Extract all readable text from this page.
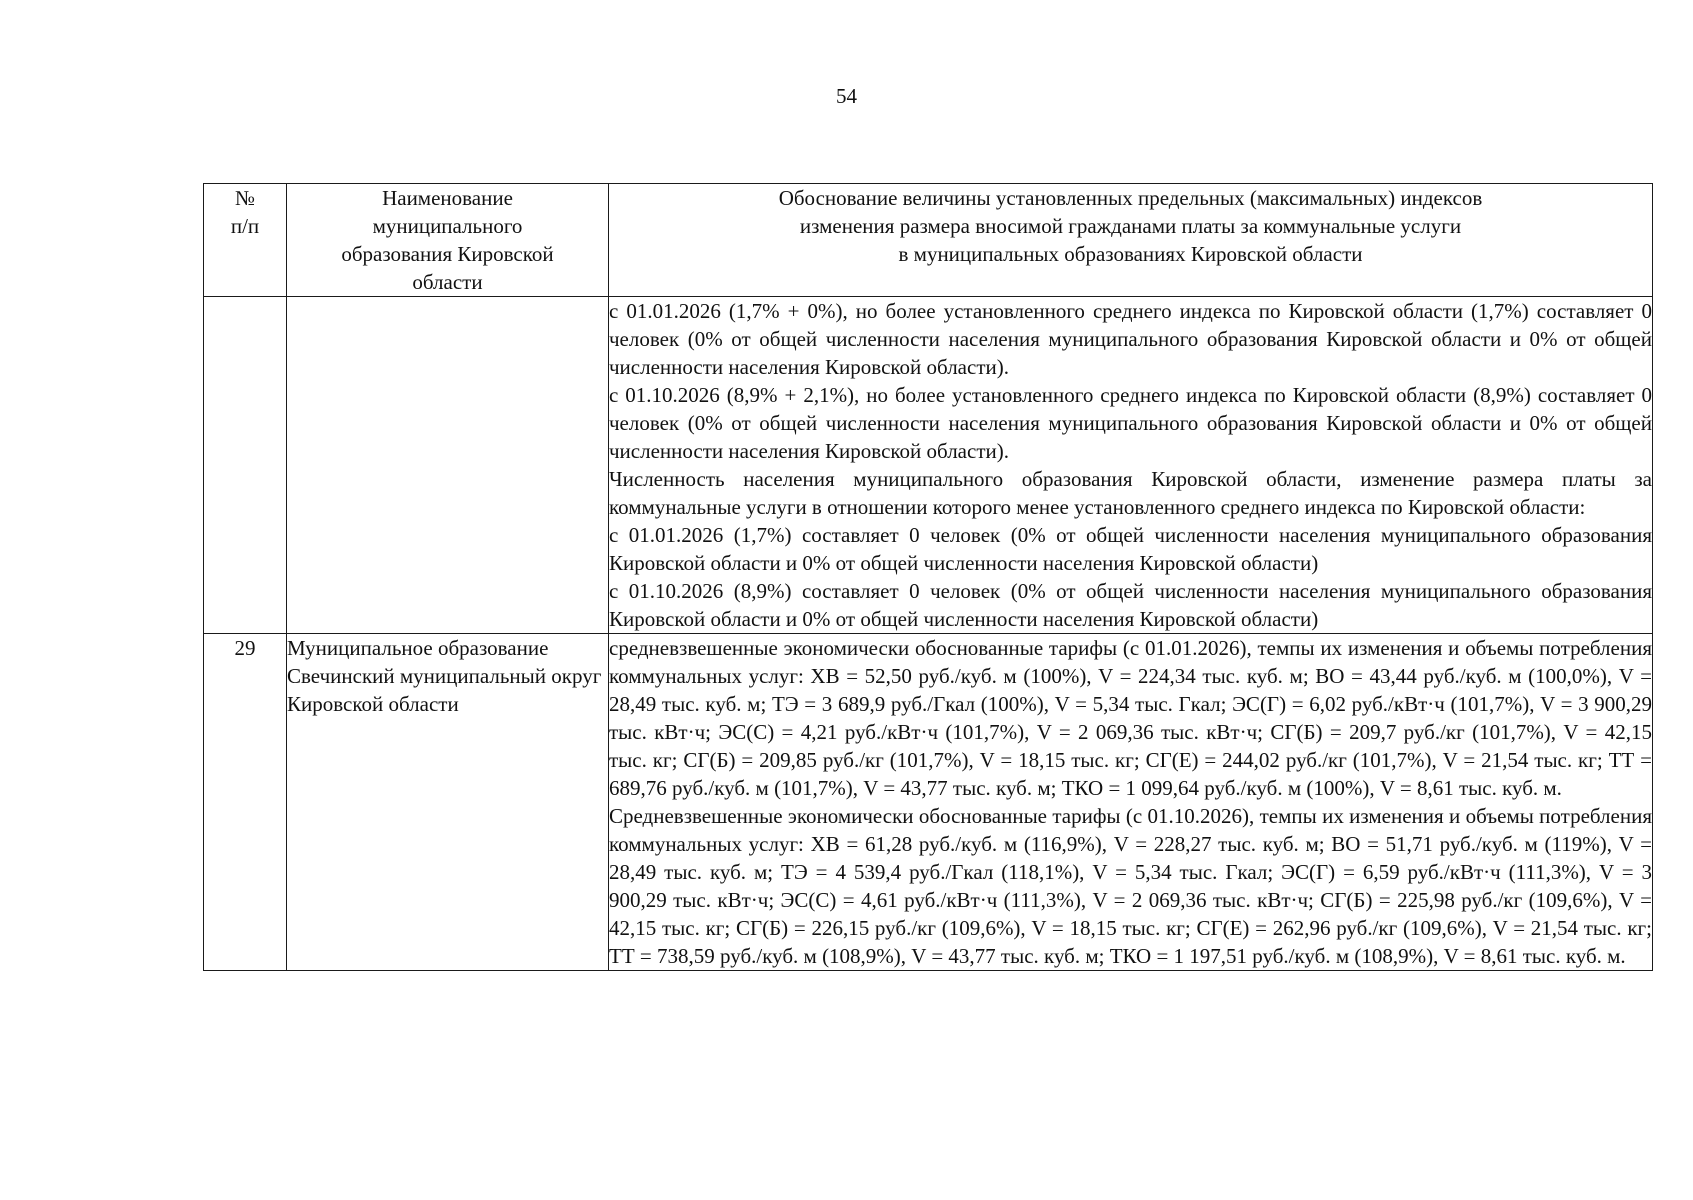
54
№
п/п	Наименование
муниципального
образования Кировской
области	Обоснование величины установленных предельных (максимальных) индексов
изменения размера вносимой гражданами платы за коммунальные услуги
в муниципальных образованиях Кировской области

		с 01.01.2026 (1,7% + 0%), но более установленного среднего индекса по Кировской области (1,7%) составляет 0 человек (0% от общей численности населения муниципального образования Кировской области и 0% от общей численности населения Кировской области).

с 01.10.2026 (8,9% + 2,1%), но более установленного среднего индекса по Кировской области (8,9%) составляет 0 человек (0% от общей численности населения муниципального образования Кировской области и 0% от общей численности населения Кировской области).

Численность населения муниципального образования Кировской области, изменение размера платы за коммунальные услуги в отношении которого менее установленного среднего индекса по Кировской области:

с 01.01.2026 (1,7%) составляет 0 человек (0% от общей численности населения муниципального образования Кировской области и 0% от общей численности населения Кировской области)

с 01.10.2026 (8,9%) составляет 0 человек (0% от общей численности населения муниципального образования Кировской области и 0% от общей численности населения Кировской области)

29	Муниципальное образование Свечинский муниципальный округ Кировской области	средневзвешенные экономически обоснованные тарифы (с 01.01.2026), темпы их изменения и объемы потребления коммунальных услуг: ХВ = 52,50 руб./куб. м (100%), V = 224,34 тыс. куб. м; ВО = 43,44 руб./куб. м (100,0%), V = 28,49 тыс. куб. м; ТЭ = 3 689,9 руб./Гкал (100%), V = 5,34 тыс. Гкал; ЭС(Г) = 6,02 руб./кВт·ч (101,7%), V = 3 900,29 тыс. кВт·ч; ЭС(С) = 4,21 руб./кВт·ч (101,7%), V = 2 069,36 тыс. кВт·ч; СГ(Б) = 209,7 руб./кг (101,7%), V = 42,15 тыс. кг; СГ(Б) = 209,85 руб./кг (101,7%), V = 18,15 тыс. кг; СГ(Е) = 244,02 руб./кг (101,7%), V = 21,54 тыс. кг; ТТ = 689,76 руб./куб. м (101,7%), V = 43,77 тыс. куб. м; ТКО = 1 099,64 руб./куб. м (100%), V = 8,61 тыс. куб. м.

Средневзвешенные экономически обоснованные тарифы (с 01.10.2026), темпы их изменения и объемы потребления коммунальных услуг: ХВ = 61,28 руб./куб. м (116,9%), V = 228,27 тыс. куб. м; ВО = 51,71 руб./куб. м (119%), V = 28,49 тыс. куб. м; ТЭ = 4 539,4 руб./Гкал (118,1%), V = 5,34 тыс. Гкал; ЭС(Г) = 6,59 руб./кВт·ч (111,3%), V = 3 900,29 тыс. кВт·ч; ЭС(С) = 4,61 руб./кВт·ч (111,3%), V = 2 069,36 тыс. кВт·ч; СГ(Б) = 225,98 руб./кг (109,6%), V = 42,15 тыс. кг; СГ(Б) = 226,15 руб./кг (109,6%), V = 18,15 тыс. кг; СГ(Е) = 262,96 руб./кг (109,6%), V = 21,54 тыс. кг; ТТ = 738,59 руб./куб. м (108,9%), V = 43,77 тыс. куб. м; ТКО = 1 197,51 руб./куб. м (108,9%), V = 8,61 тыс. куб. м.
